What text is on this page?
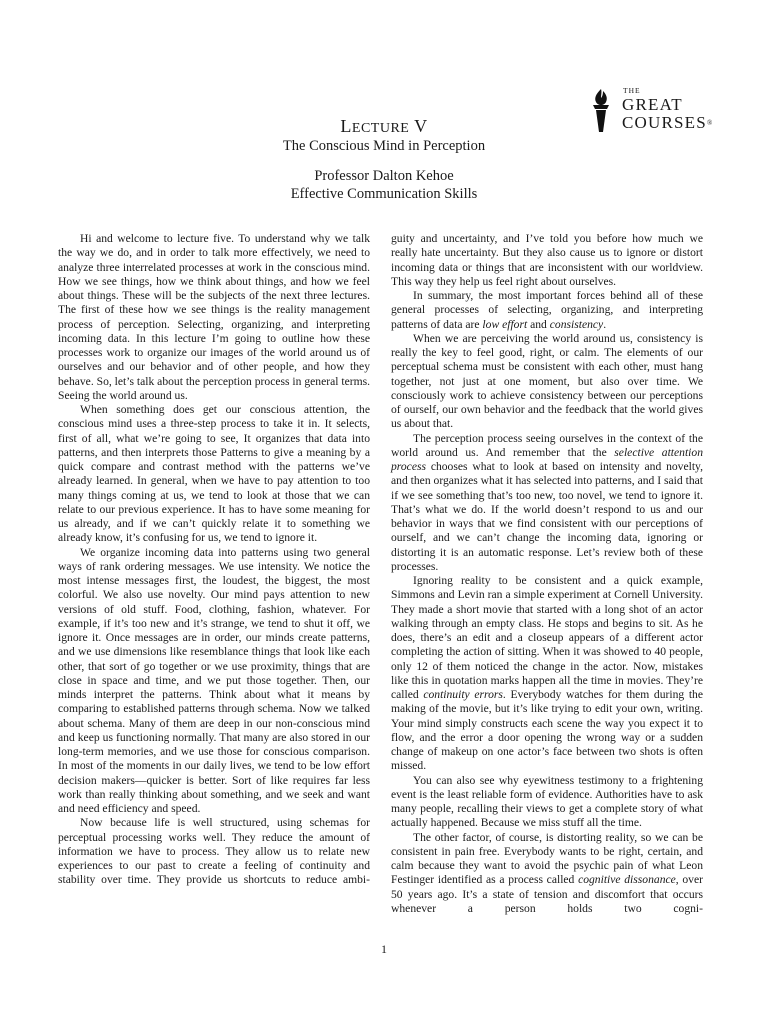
THE
GREAT
COURSES®
LECTURE V
The Conscious Mind in Perception
Professor Dalton Kehoe
Effective Communication Skills

Hi and welcome to lecture five. To understand why we talk the way we do, and in order to talk more effectively, we need to analyze three interrelated processes at work in the conscious mind. How we see things, how we think about things, and how we feel about things. These will be the subjects of the next three lectures. The first of these how we see things is the reality management process of perception. Selecting, organizing, and interpreting incoming data. In this lecture I’m going to outline how these processes work to organize our images of the world around us of ourselves and our behavior and of other people, and how they behave. So, let’s talk about the perception process in general terms. Seeing the world around us.

When something does get our conscious attention, the conscious mind uses a three-step process to take it in. It selects, first of all, what we’re going to see, It organizes that data into patterns, and then interprets those Patterns to give a meaning by a quick compare and contrast method with the patterns we’ve already learned. In general, when we have to pay attention to too many things coming at us, we tend to look at those that we can relate to our previous experience. It has to have some meaning for us already, and if we can’t quickly relate it to something we already know, it’s confusing for us, we tend to ignore it.

We organize incoming data into patterns using two general ways of rank ordering messages. We use intensity. We notice the most intense messages first, the loudest, the biggest, the most colorful. We also use novelty. Our mind pays attention to new versions of old stuff. Food, clothing, fashion, whatever. For example, if it’s too new and it’s strange, we tend to shut it off, we ignore it. Once messages are in order, our minds create patterns, and we use dimensions like resemblance things that look like each other, that sort of go together or we use proximity, things that are close in space and time, and we put those together. Then, our minds interpret the patterns. Think about what it means by comparing to established patterns through schema. Now we talked about schema. Many of them are deep in our non-conscious mind and keep us functioning normally. That many are also stored in our long-term memories, and we use those for conscious comparison. In most of the moments in our daily lives, we tend to be low effort decision makers—quicker is better. Sort of like requires far less work than really thinking about something, and we seek and want and need efficiency and speed.

Now because life is well structured, using schemas for perceptual processing works well. They reduce the amount of information we have to process. They allow us to relate new experiences to our past to create a feeling of continuity and stability over time. They provide us shortcuts to reduce ambi-

guity and uncertainty, and I’ve told you before how much we really hate uncertainty. But they also cause us to ignore or distort incoming data or things that are inconsistent with our worldview. This way they help us feel right about ourselves.

In summary, the most important forces behind all of these general processes of selecting, organizing, and interpreting patterns of data are low effort and consistency.

When we are perceiving the world around us, consistency is really the key to feel good, right, or calm. The elements of our perceptual schema must be consistent with each other, must hang together, not just at one moment, but also over time. We consciously work to achieve consistency between our perceptions of ourself, our own behavior and the feedback that the world gives us about that.

The perception process seeing ourselves in the context of the world around us. And remember that the selective attention process chooses what to look at based on intensity and novelty, and then organizes what it has selected into patterns, and I said that if we see something that’s too new, too novel, we tend to ignore it. That’s what we do. If the world doesn’t respond to us and our behavior in ways that we find consistent with our perceptions of ourself, and we can’t change the incoming data, ignoring or distorting it is an automatic response. Let’s review both of these processes.

Ignoring reality to be consistent and a quick example, Simmons and Levin ran a simple experiment at Cornell University. They made a short movie that started with a long shot of an actor walking through an empty class. He stops and begins to sit. As he does, there’s an edit and a closeup appears of a different actor completing the action of sitting. When it was showed to 40 people, only 12 of them noticed the change in the actor. Now, mistakes like this in quotation marks happen all the time in movies. They’re called continuity errors. Everybody watches for them during the making of the movie, but it’s like trying to edit your own, writing. Your mind simply constructs each scene the way you expect it to flow, and the error a door opening the wrong way or a sudden change of makeup on one actor’s face between two shots is often missed.

You can also see why eyewitness testimony to a frightening event is the least reliable form of evidence. Authorities have to ask many people, recalling their views to get a complete story of what actually happened. Because we miss stuff all the time.

The other factor, of course, is distorting reality, so we can be consistent in pain free. Everybody wants to be right, certain, and calm because they want to avoid the psychic pain of what Leon Festinger identified as a process called cognitive dissonance, over 50 years ago. It’s a state of tension and discomfort that occurs whenever a person holds two cogni-

1
